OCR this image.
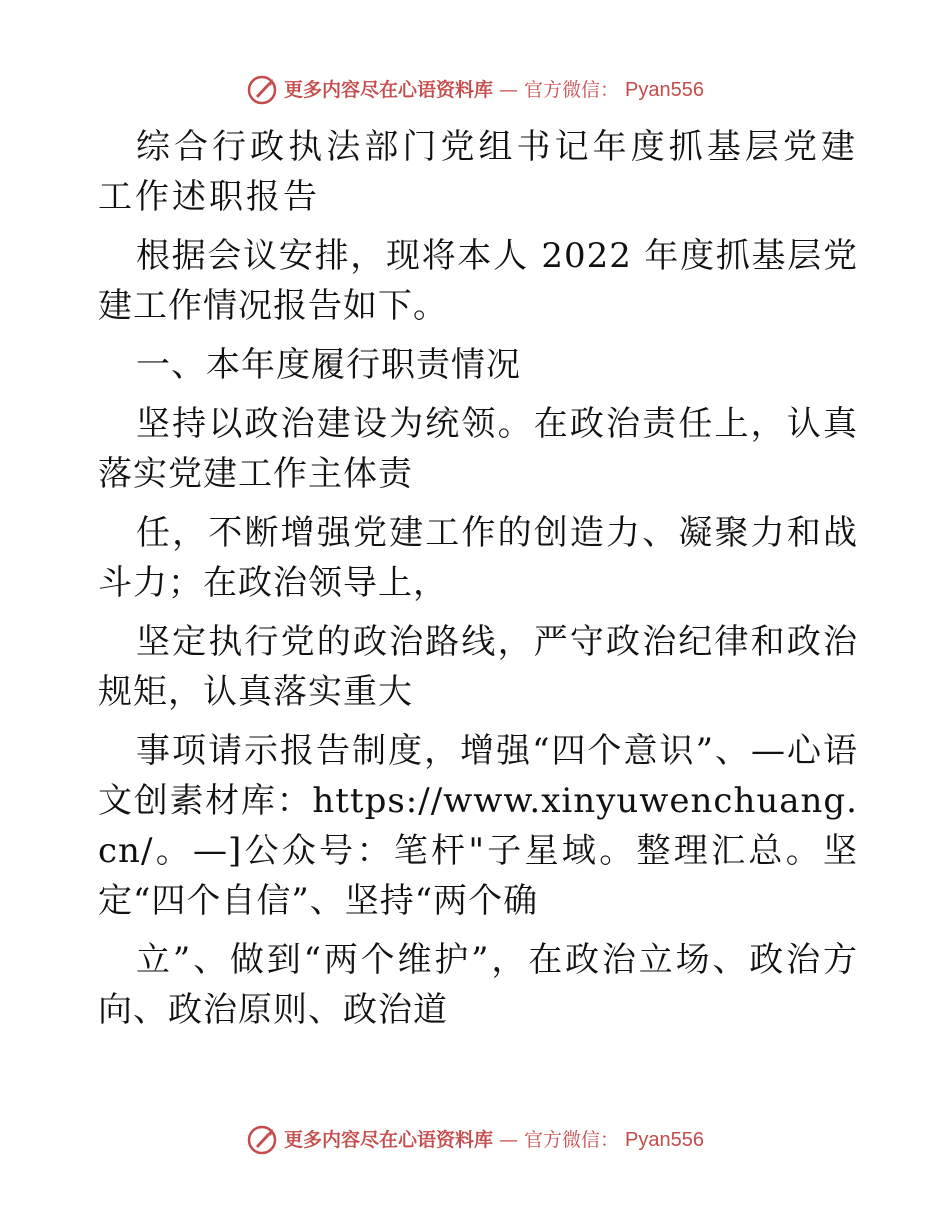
更多内容尽在心语资料库 — 官方微信： Pyan556

综合行政执法部门党组书记年度抓基层党建工作述职报告

根据会议安排，现将本人 2022 年度抓基层党建工作情况报告如下。

一、本年度履行职责情况

坚持以政治建设为统领。在政治责任上，认真落实党建工作主体责

任，不断增强党建工作的创造力、凝聚力和战斗力；在政治领导上，

坚定执行党的政治路线，严守政治纪律和政治规矩，认真落实重大

事项请示报告制度，增强“四个意识”、—心语文创素材库：https://www.xinyuwenchuang.cn/。—]公众号：笔杆"子星域。整理汇总。坚定“四个自信”、坚持“两个确

立”、做到“两个维护”，在政治立场、政治方向、政治原则、政治道

更多内容尽在心语资料库 — 官方微信： Pyan556
